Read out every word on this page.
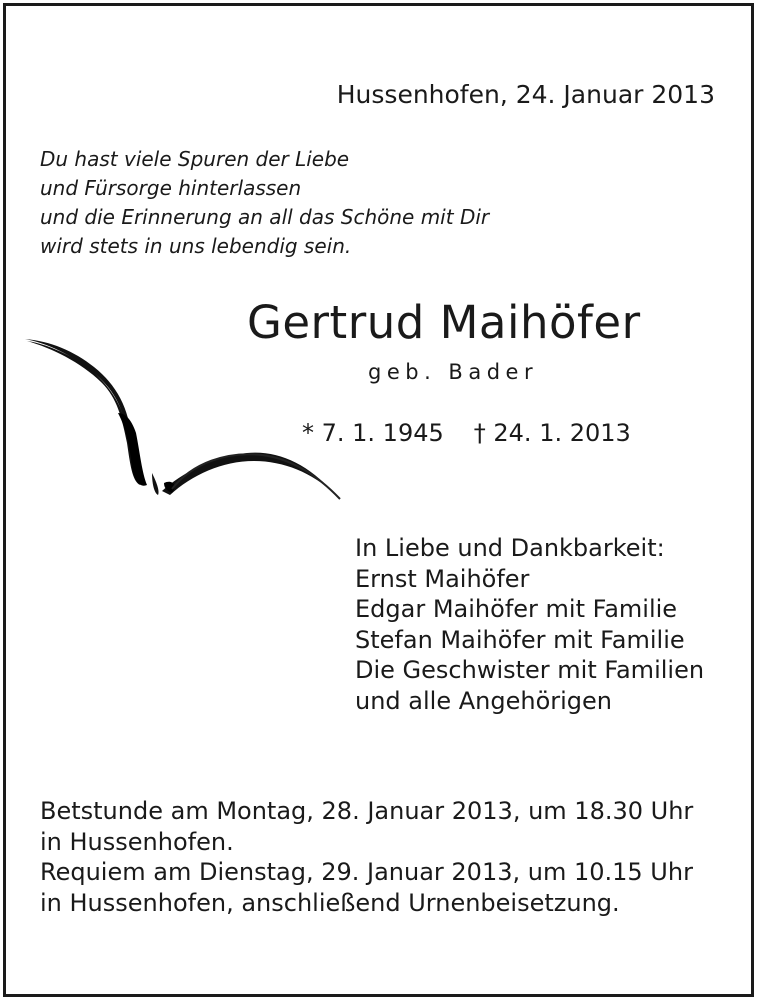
Hussenhofen, 24. Januar 2013
Du hast viele Spuren der Liebe
und Fürsorge hinterlassen
und die Erinnerung an all das Schöne mit Dir
wird stets in uns lebendig sein.
Gertrud Maihöfer
geb. Bader
* 7. 1. 1945 † 24. 1. 2013
In Liebe und Dankbarkeit:
Ernst Maihöfer
Edgar Maihöfer mit Familie
Stefan Maihöfer mit Familie
Die Geschwister mit Familien
und alle Angehörigen
Betstunde am Montag, 28. Januar 2013, um 18.30 Uhr
in Hussenhofen.
Requiem am Dienstag, 29. Januar 2013, um 10.15 Uhr
in Hussenhofen, anschließend Urnenbeisetzung.
